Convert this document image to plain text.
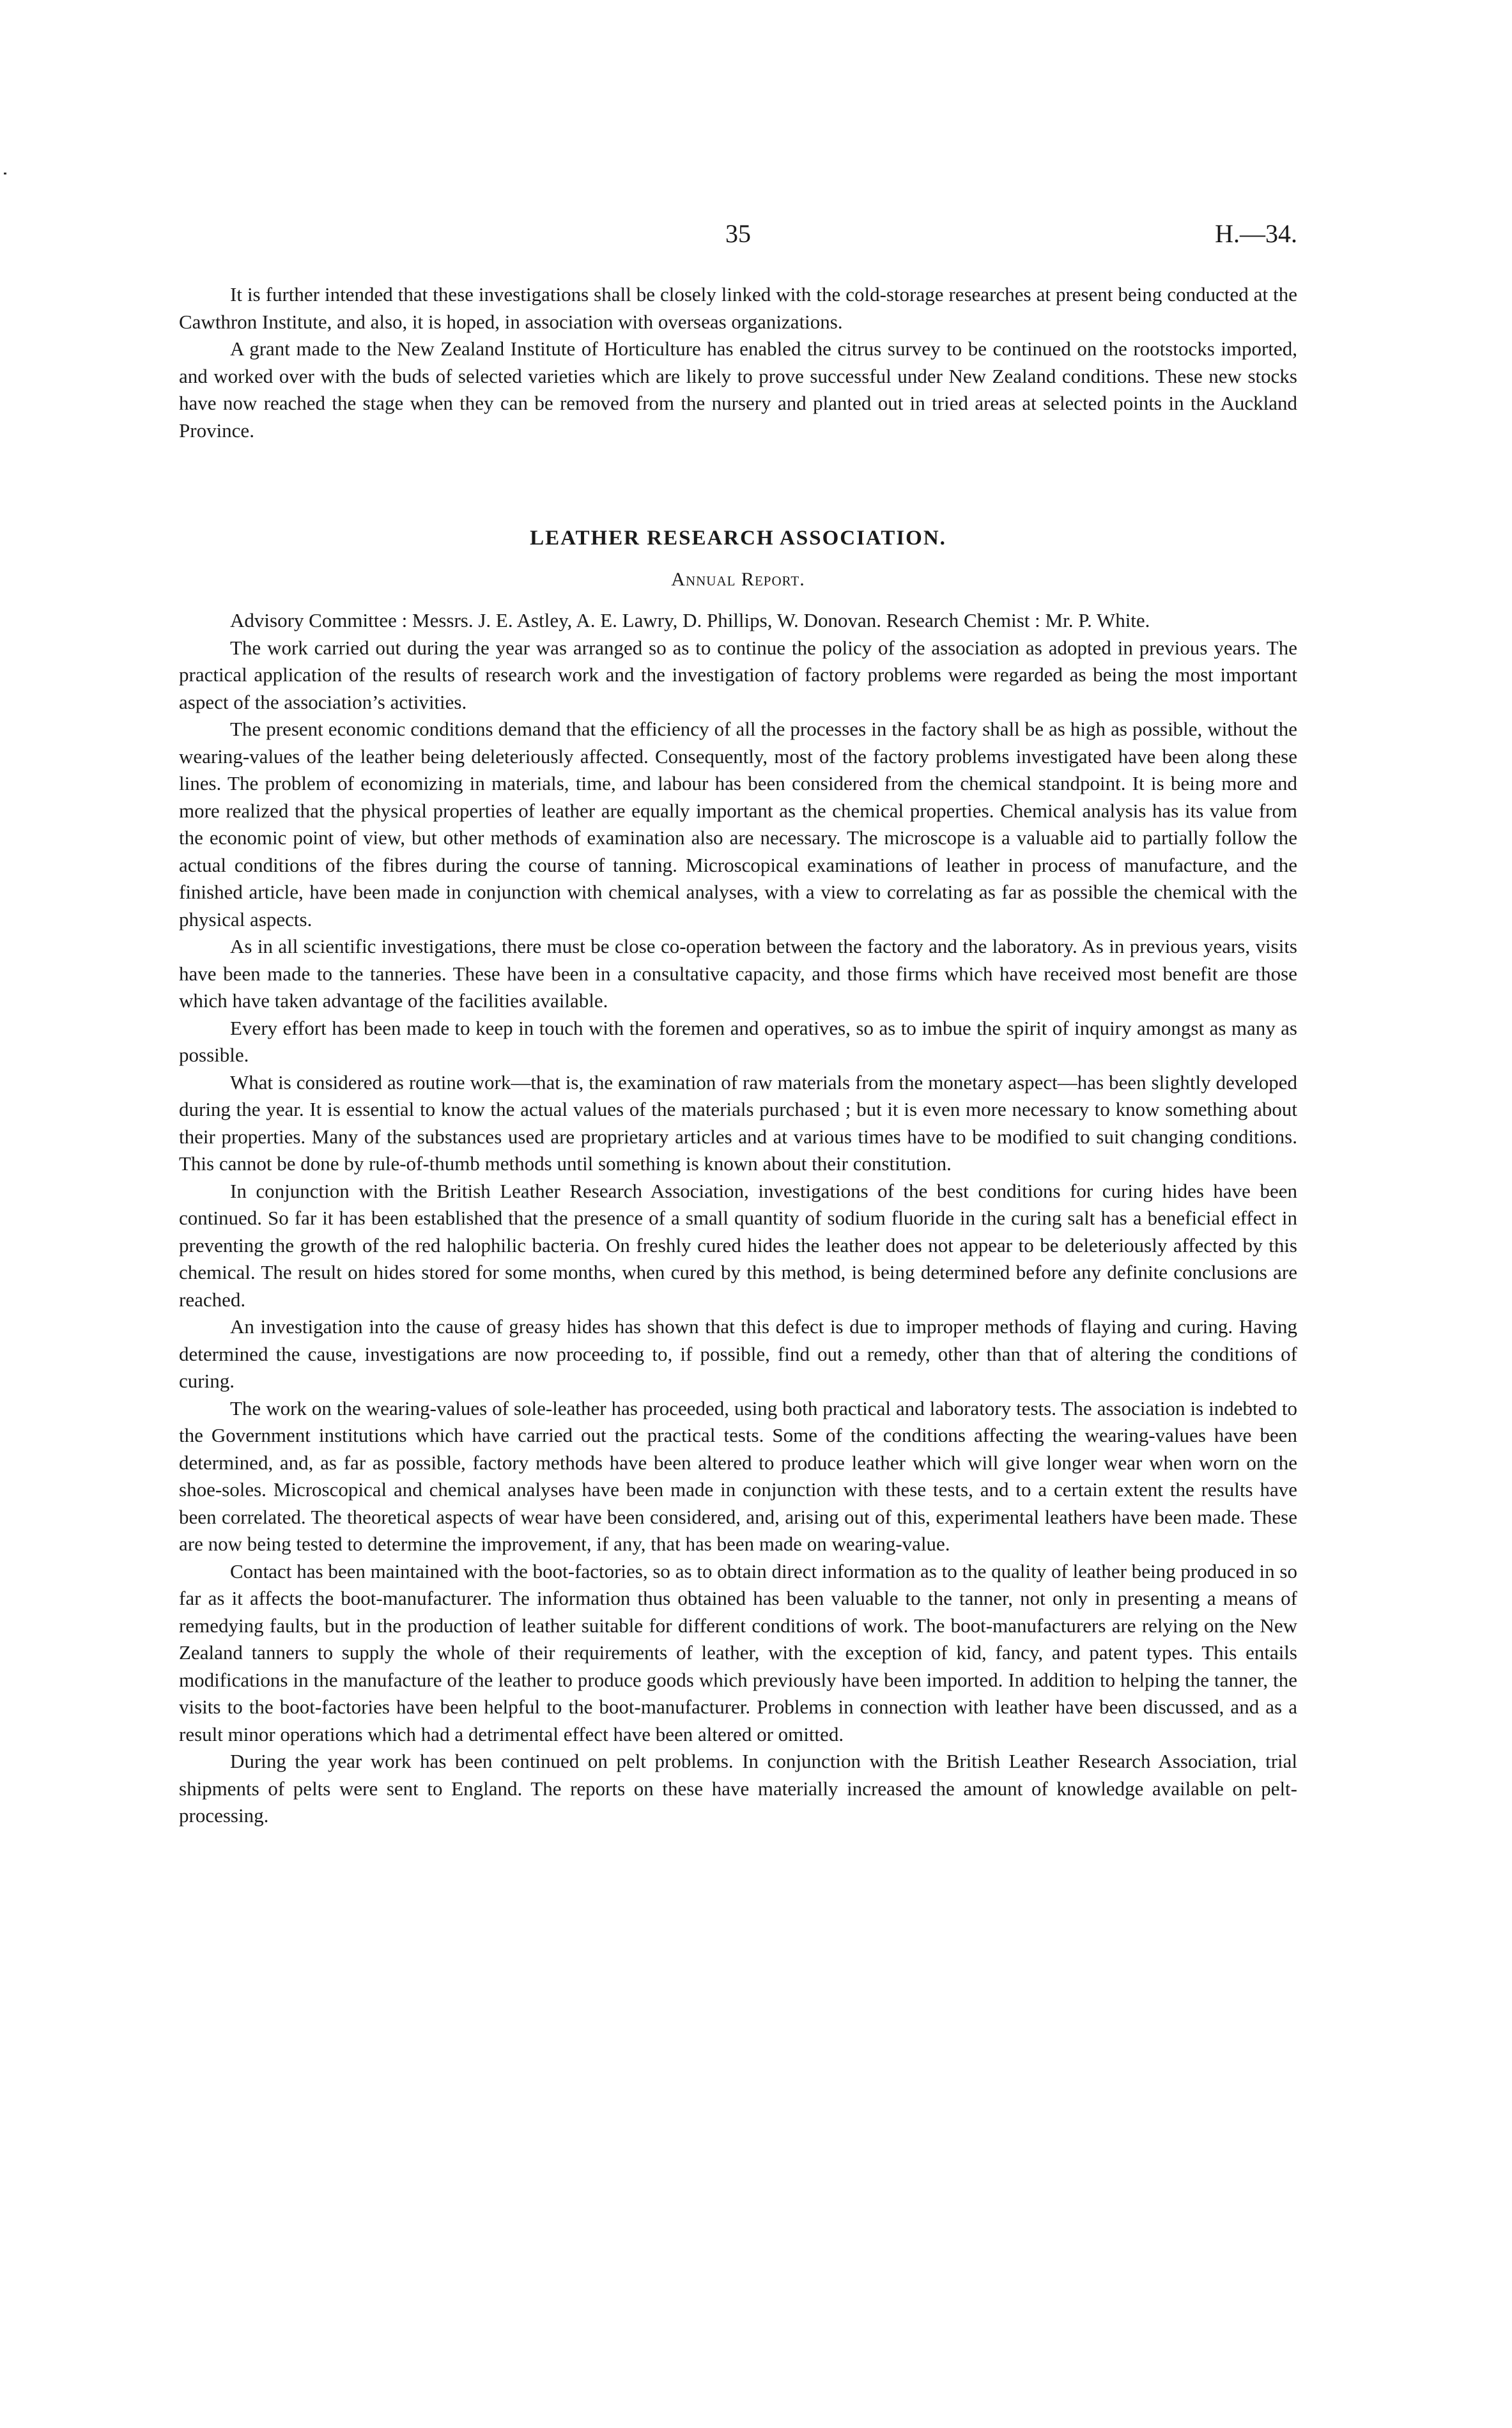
35	H.—34.

It is further intended that these investigations shall be closely linked with the cold-storage researches at present being conducted at the Cawthron Institute, and also, it is hoped, in association with overseas organizations.

A grant made to the New Zealand Institute of Horticulture has enabled the citrus survey to be continued on the rootstocks imported, and worked over with the buds of selected varieties which are likely to prove successful under New Zealand conditions. These new stocks have now reached the stage when they can be removed from the nursery and planted out in tried areas at selected points in the Auckland Province.

LEATHER RESEARCH ASSOCIATION.
Annual Report.

Advisory Committee : Messrs. J. E. Astley, A. E. Lawry, D. Phillips, W. Donovan. Research Chemist : Mr. P. White.

The work carried out during the year was arranged so as to continue the policy of the association as adopted in previous years. The practical application of the results of research work and the investigation of factory problems were regarded as being the most important aspect of the association’s activities.

The present economic conditions demand that the efficiency of all the processes in the factory shall be as high as possible, without the wearing-values of the leather being deleteriously affected. Consequently, most of the factory problems investigated have been along these lines. The problem of economizing in materials, time, and labour has been considered from the chemical standpoint. It is being more and more realized that the physical properties of leather are equally important as the chemical properties. Chemical analysis has its value from the economic point of view, but other methods of examination also are necessary. The microscope is a valuable aid to partially follow the actual conditions of the fibres during the course of tanning. Microscopical examinations of leather in process of manufacture, and the finished article, have been made in conjunction with chemical analyses, with a view to correlating as far as possible the chemical with the physical aspects.

As in all scientific investigations, there must be close co-operation between the factory and the laboratory. As in previous years, visits have been made to the tanneries. These have been in a consultative capacity, and those firms which have received most benefit are those which have taken advantage of the facilities available.

Every effort has been made to keep in touch with the foremen and operatives, so as to imbue the spirit of inquiry amongst as many as possible.

What is considered as routine work—that is, the examination of raw materials from the monetary aspect—has been slightly developed during the year. It is essential to know the actual values of the materials purchased ; but it is even more necessary to know something about their properties. Many of the substances used are proprietary articles and at various times have to be modified to suit changing conditions. This cannot be done by rule-of-thumb methods until something is known about their constitution.

In conjunction with the British Leather Research Association, investigations of the best conditions for curing hides have been continued. So far it has been established that the presence of a small quantity of sodium fluoride in the curing salt has a beneficial effect in preventing the growth of the red halophilic bacteria. On freshly cured hides the leather does not appear to be deleteriously affected by this chemical. The result on hides stored for some months, when cured by this method, is being determined before any definite conclusions are reached.

An investigation into the cause of greasy hides has shown that this defect is due to improper methods of flaying and curing. Having determined the cause, investigations are now proceeding to, if possible, find out a remedy, other than that of altering the conditions of curing.

The work on the wearing-values of sole-leather has proceeded, using both practical and laboratory tests. The association is indebted to the Government institutions which have carried out the practical tests. Some of the conditions affecting the wearing-values have been determined, and, as far as possible, factory methods have been altered to produce leather which will give longer wear when worn on the shoe-soles. Microscopical and chemical analyses have been made in conjunction with these tests, and to a certain extent the results have been correlated. The theoretical aspects of wear have been considered, and, arising out of this, experimental leathers have been made. These are now being tested to determine the improvement, if any, that has been made on wearing-value.

Contact has been maintained with the boot-factories, so as to obtain direct information as to the quality of leather being produced in so far as it affects the boot-manufacturer. The information thus obtained has been valuable to the tanner, not only in presenting a means of remedying faults, but in the production of leather suitable for different conditions of work. The boot-manufacturers are relying on the New Zealand tanners to supply the whole of their requirements of leather, with the exception of kid, fancy, and patent types. This entails modifications in the manufacture of the leather to produce goods which previously have been imported. In addition to helping the tanner, the visits to the boot-factories have been helpful to the boot-manufacturer. Problems in connection with leather have been discussed, and as a result minor operations which had a detrimental effect have been altered or omitted.

During the year work has been continued on pelt problems. In conjunction with the British Leather Research Association, trial shipments of pelts were sent to England. The reports on these have materially increased the amount of knowledge available on pelt-processing.
